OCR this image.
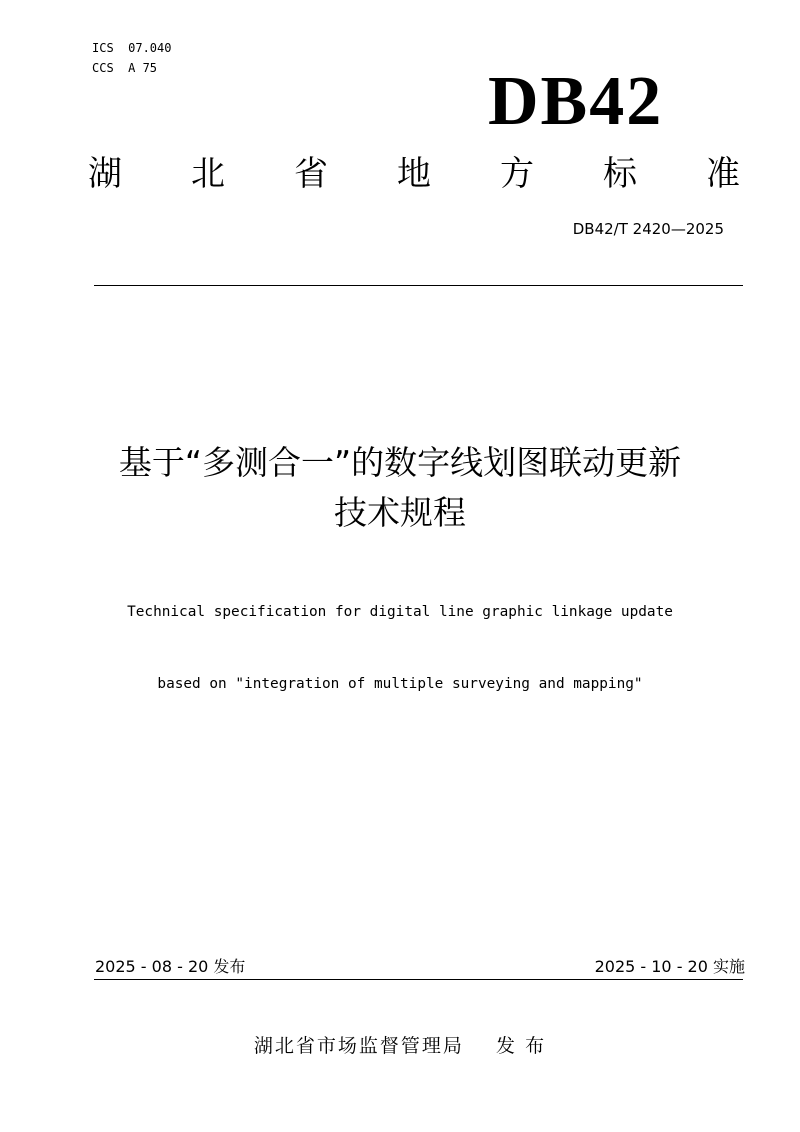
ICS  07.040
CCS  A 75	DB42
湖 北 省 地 方 标 准
DB42/T 2420—2025
基于“多测合一”的数字线划图联动更新
技术规程

Technical specification for digital line graphic linkage update

based on "integration of multiple surveying and mapping"

2025 - 08 - 20 发布	2025 - 10 - 20 实施
湖北省市场监督管理局    发 布
